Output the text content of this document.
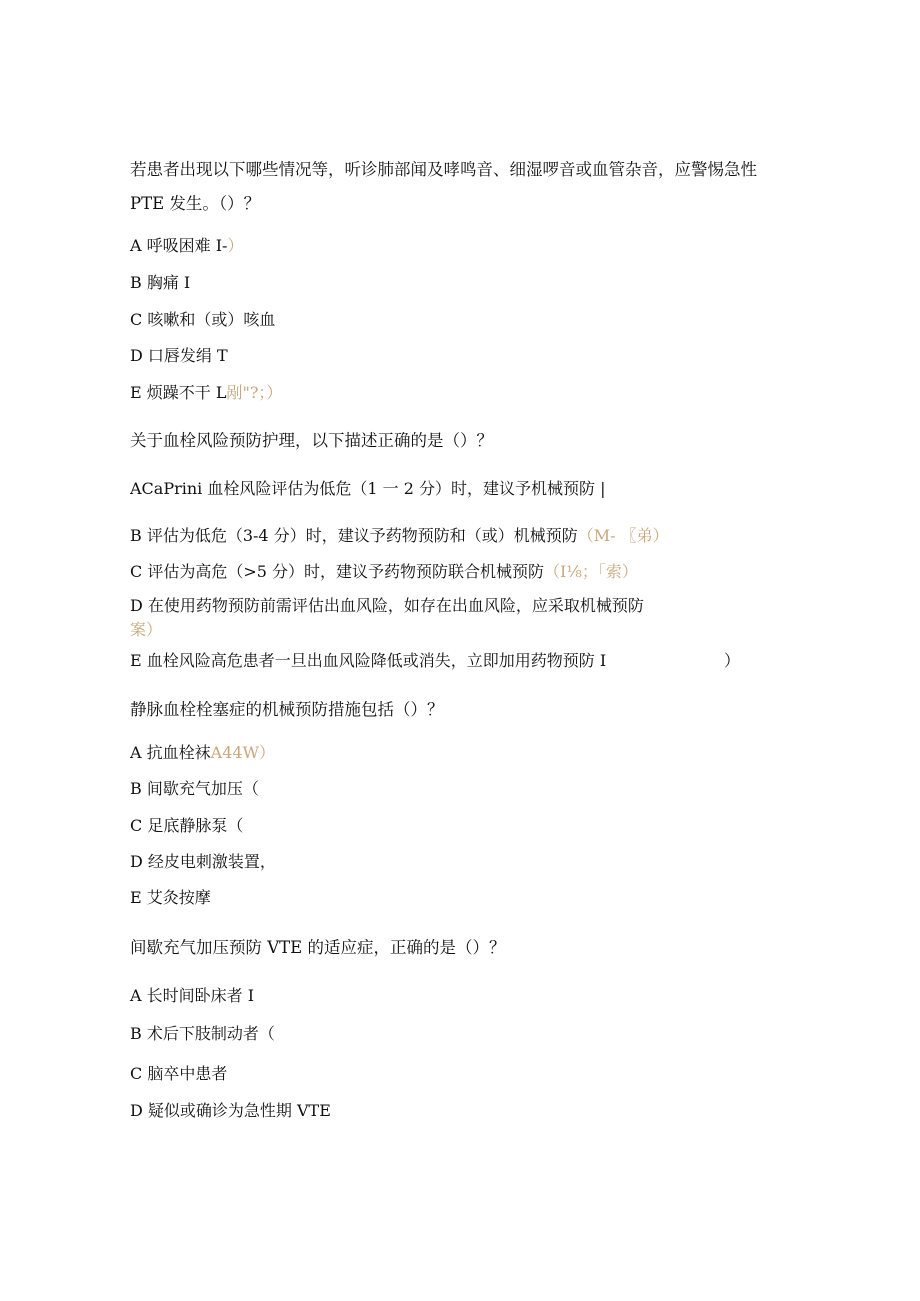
若患者出现以下哪些情况等，听诊肺部闻及哮鸣音、细湿啰音或血管杂音，应警惕急性
PTE 发生。（）？
A 呼吸困难 I-）
B 胸痛 I
C 咳嗽和（或）咳血
D 口唇发绢 T
E 烦躁不干 L剐"?；）
关于血栓风险预防护理，以下描述正确的是（）？
ACaPrini 血栓风险评估为低危（1 一 2 分）时，建议予机械预防 |
B 评估为低危（3-4 分）时，建议予药物预防和（或）机械预防（M- 〖弟）
C 评估为高危（>5 分）时，建议予药物预防联合机械预防（I⅛；「索）
D 在使用药物预防前需评估出血风险，如存在出血风险，应采取机械预防
案）
E 血栓风险高危患者一旦出血风险降低或消失，立即加用药物预防 I	）
静脉血栓栓塞症的机械预防措施包括（）？
A 抗血栓袜A44W）
B 间歇充气加压（
C 足底静脉泵（
D 经皮电刺激装置，
E 艾灸按摩
间歇充气加压预防 VTE 的适应症，正确的是（）？
A 长时间卧床者 I
B 术后下肢制动者（
C 脑卒中患者
D 疑似或确诊为急性期 VTE
